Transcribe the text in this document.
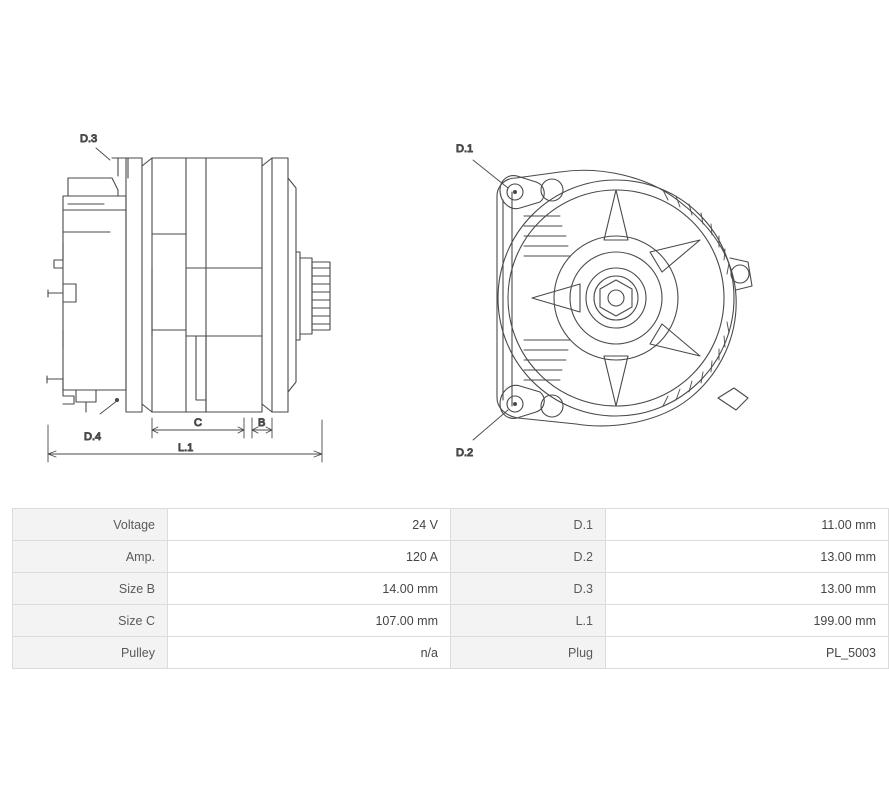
D.3
D.4
C	B
L.1
D.1
D.2
Voltage	24 V	D.1	11.00 mm
Amp.	120 A	D.2	13.00 mm
Size B	14.00 mm	D.3	13.00 mm
Size C	107.00 mm	L.1	199.00 mm
Pulley	n/a	Plug	PL_5003
